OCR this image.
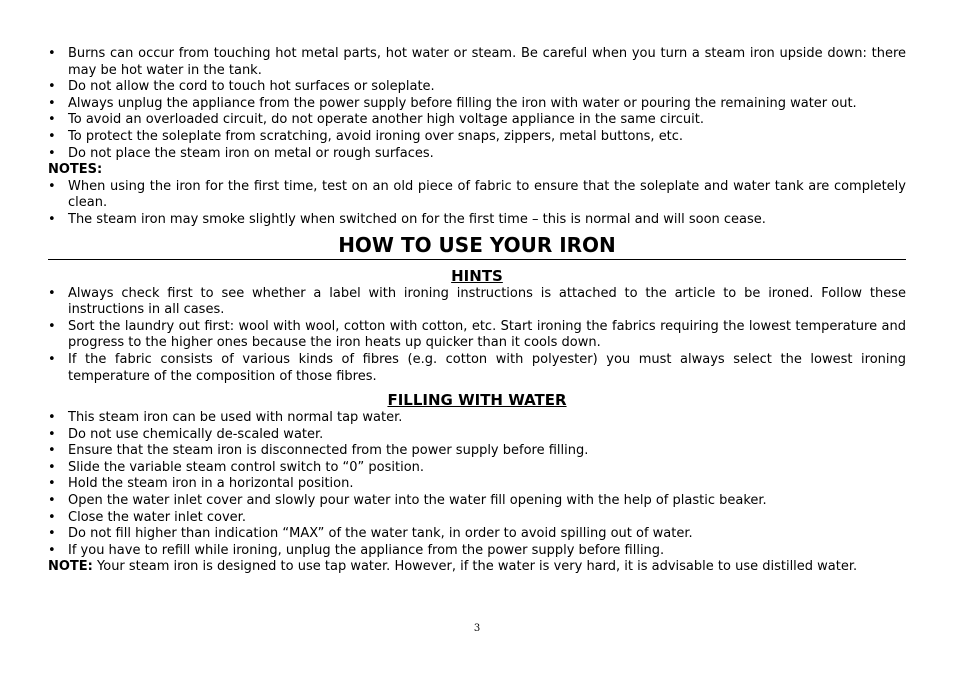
• Burns can occur from touching hot metal parts, hot water or steam. Be careful when you turn a steam iron upside down: there may be hot water in the tank.
• Do not allow the cord to touch hot surfaces or soleplate.
• Always unplug the appliance from the power supply before filling the iron with water or pouring the remaining water out.
• To avoid an overloaded circuit, do not operate another high voltage appliance in the same circuit.
• To protect the soleplate from scratching, avoid ironing over snaps, zippers, metal buttons, etc.
• Do not place the steam iron on metal or rough surfaces.
NOTES:
• When using the iron for the first time, test on an old piece of fabric to ensure that the soleplate and water tank are completely clean.
• The steam iron may smoke slightly when switched on for the first time – this is normal and will soon cease.
HOW TO USE YOUR IRON
HINTS
• Always check first to see whether a label with ironing instructions is attached to the article to be ironed. Follow these instructions in all cases.
• Sort the laundry out first: wool with wool, cotton with cotton, etc. Start ironing the fabrics requiring the lowest temperature and progress to the higher ones because the iron heats up quicker than it cools down.
• If the fabric consists of various kinds of fibres (e.g. cotton with polyester) you must always select the lowest ironing temperature of the composition of those fibres.
FILLING WITH WATER
• This steam iron can be used with normal tap water.
• Do not use chemically de-scaled water.
• Ensure that the steam iron is disconnected from the power supply before filling.
• Slide the variable steam control switch to “0” position.
• Hold the steam iron in a horizontal position.
• Open the water inlet cover and slowly pour water into the water fill opening with the help of plastic beaker.
• Close the water inlet cover.
• Do not fill higher than indication “MAX” of the water tank, in order to avoid spilling out of water.
• If you have to refill while ironing, unplug the appliance from the power supply before filling.

NOTE: Your steam iron is designed to use tap water. However, if the water is very hard, it is advisable to use distilled water.

3
